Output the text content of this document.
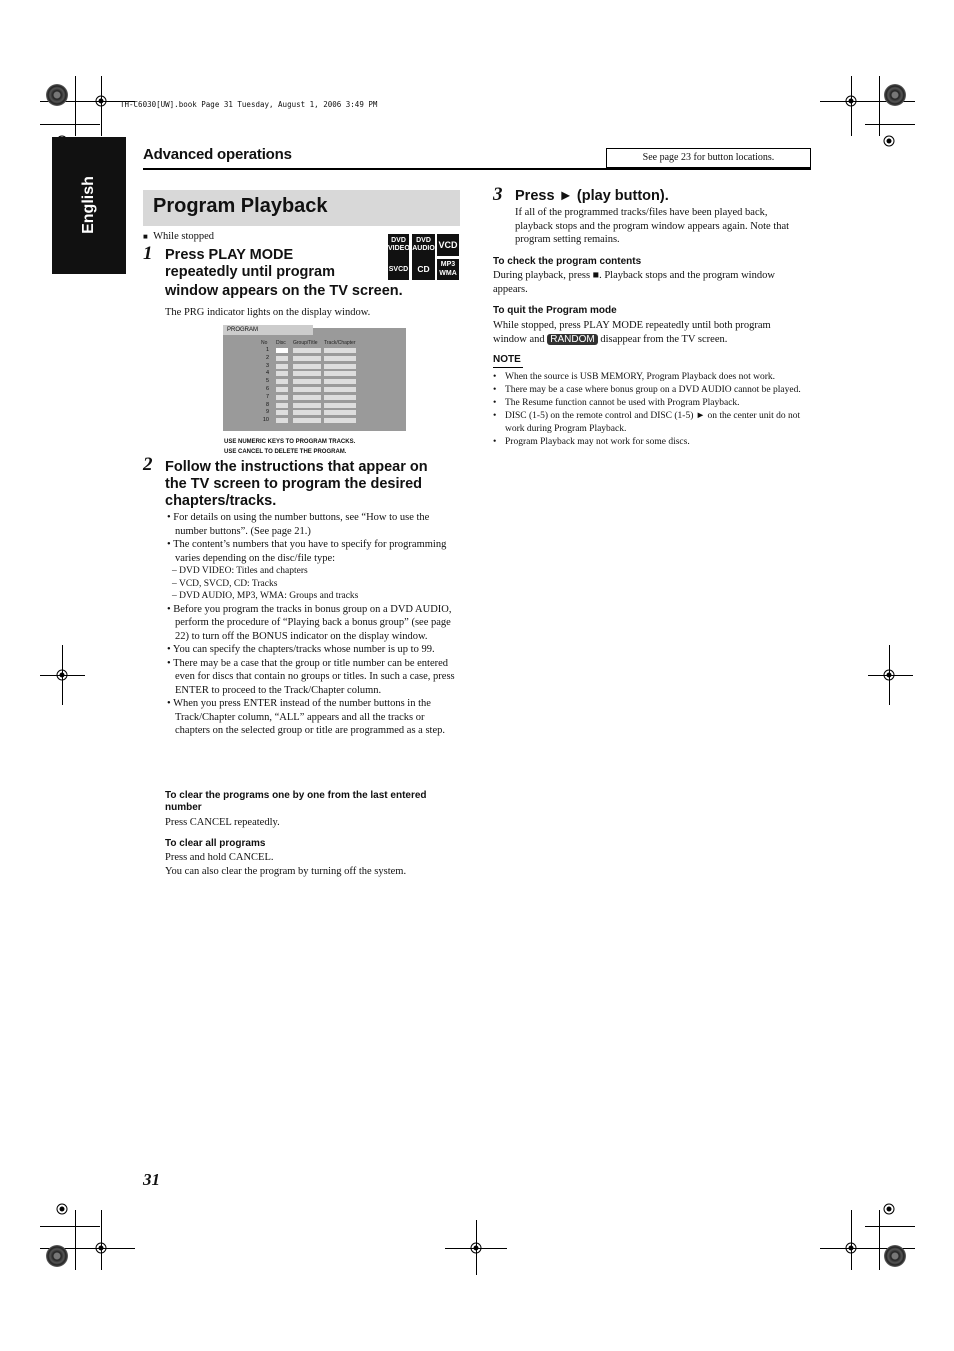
TH-C6030[UW].book Page 31 Tuesday, August 1, 2006 3:49 PM
Advanced operations	See page 23 for button locations.
English	Program Playback
■ While stopped	DVD
VIDEO
DVD
AUDIO VCD
SVCD	CD	MP3
WMA
1 Press PLAY MODE
repeatedly until program
window appears on the TV screen.
The PRG indicator lights on the display window.
PROGRAM
No Disc Group/Title Track/Chapter
1
2
3
4
5
6
7
8
9
10
USE NUMERIC KEYS TO PROGRAM TRACKS.
USE CANCEL TO DELETE THE PROGRAM.
2 Follow the instructions that appear on
the TV screen to program the desired
chapters/tracks.
• For details on using the number buttons, see “How to use the number buttons”. (See page 21.)
• The content’s numbers that you have to specify for programming varies depending on the disc/file type:
– DVD VIDEO: Titles and chapters
– VCD, SVCD, CD: Tracks
– DVD AUDIO, MP3, WMA: Groups and tracks
• Before you program the tracks in bonus group on a DVD AUDIO, perform the procedure of “Playing back a bonus group” (see page 22) to turn off the BONUS indicator on the display window.
• You can specify the chapters/tracks whose number is up to 99.
• There may be a case that the group or title number can be entered even for discs that contain no groups or titles. In such a case, press ENTER to proceed to the Track/Chapter column.
• When you press ENTER instead of the number buttons in the Track/Chapter column, “ALL” appears and all the tracks or chapters on the selected group or title are programmed as a step.
To clear the programs one by one from the last entered number
Press CANCEL repeatedly.
To clear all programs
Press and hold CANCEL.
You can also clear the program by turning off the system.
3 Press ► (play button).
If all of the programmed tracks/files have been played back, playback stops and the program window appears again. Note that program setting remains.
To check the program contents
During playback, press ■. Playback stops and the program window appears.
To quit the Program mode
While stopped, press PLAY MODE repeatedly until both program window and RANDOM disappear from the TV screen.
NOTE
• When the source is USB MEMORY, Program Playback does not work.
• There may be a case where bonus group on a DVD AUDIO cannot be played.
• The Resume function cannot be used with Program Playback.
• DISC (1-5) on the remote control and DISC (1-5) ► on the center unit do not work during Program Playback.
• Program Playback may not work for some discs.
31
